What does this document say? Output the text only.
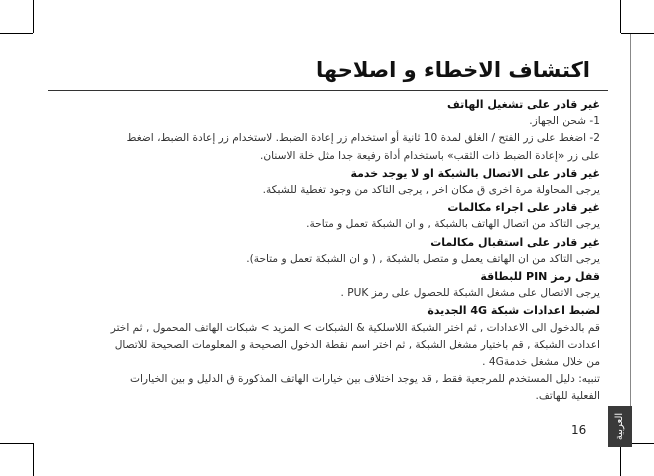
اكتشاف الاخطاء و اصلاحها
غير قادر على تشغيل الهاتف

1- شحن الجهاز.

2- اضغط على زر الفتح / الغلق لمدة 10 ثانية أو استخدام زر إعادة الضبط. لاستخدام زر إعادة الضبط، اضغط

على زر «إعادة الضبط ذات الثقب» باستخدام أداة رفيعة جدا مثل خلة الاسنان.

غير قادر على الاتصال بالشبكة او لا يوجد خدمة

يرجى المحاولة مرة اخرى ق مكان اخر , يرجى التاكد من وجود تغطية للشبكة.

غير قادر على اجراء مكالمات

يرجى التاكد من اتصال الهاتف بالشبكة , و ان الشبكة تعمل و متاحة.

غير قادر على استقبال مكالمات

يرجى التاكد من ان الهاتف يعمل و متصل بالشبكة , ( و ان الشبكة تعمل و متاحة).

قفل رمز PIN للبطاقة

يرجى الاتصال على مشغل الشبكة للحصول على رمز PUK .

لضبط اعدادات شبكة 4G الجديدة

قم بالدخول الى الاعدادات , ثم اختر الشبكة اللاسلكية & الشبكات > المزيد > شبكات الهاتف المحمول , ثم اختر

اعدادت الشبكة , قم باختيار مشغل الشبكة , ثم اختر اسم نقطة الدخول الصحيحة و المعلومات الصحيحة للاتصال

من خلال مشغل خدمة4G .

تنبيه: دليل المستخدم للمرجعية فقط , قد يوجد اختلاف بين خيارات الهاتف المذكورة ق الدليل و بين الخيارات

الفعلية للهاتف.

العربية
16
